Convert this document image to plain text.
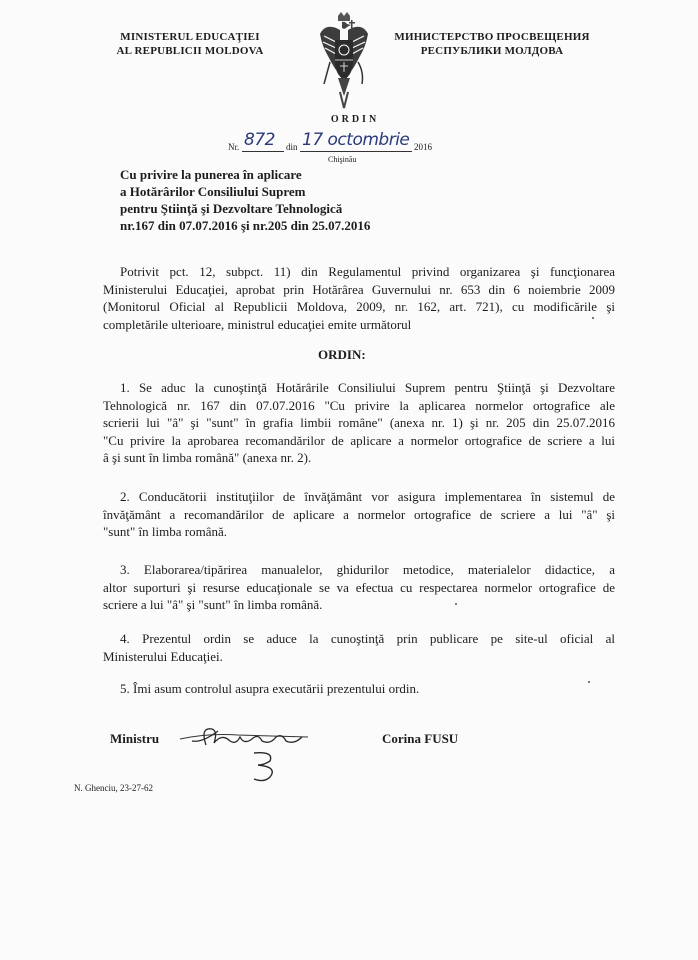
MINISTERUL EDUCAŢIEI
AL REPUBLICII MOLDOVA
МИНИСТЕРСТВО ПРОСВЕЩЕНИЯ
РЕСПУБЛИКИ МОЛДОВА
ORDIN
Nr. 872 din 17 octombrie 2016
Chişinău
Cu privire la punerea în aplicare
a Hotărârilor Consiliului Suprem
pentru Ştiinţă şi Dezvoltare Tehnologică
nr.167 din 07.07.2016 şi nr.205 din 25.07.2016
Potrivit pct. 12, subpct. 11) din Regulamentul privind organizarea şi funcţionarea
Ministerului Educaţiei, aprobat prin Hotărârea Guvernului nr. 653 din 6 noiembrie 2009
(Monitorul Oficial al Republicii Moldova, 2009, nr. 162, art. 721), cu modificările şi
completările ulterioare, ministrul educaţiei emite următorul
ORDIN:
1. Se aduc la cunoştinţă Hotărârile Consiliului Suprem pentru Ştiinţă şi Dezvoltare
Tehnologică nr. 167 din 07.07.2016 "Cu privire la aplicarea normelor ortografice ale
scrierii lui "â" şi "sunt" în grafia limbii române" (anexa nr. 1) şi nr. 205 din 25.07.2016
"Cu privire la aprobarea recomandărilor de aplicare a normelor ortografice de scriere a lui
â şi sunt în limba română" (anexa nr. 2).
2. Conducătorii instituţiilor de învăţământ vor asigura implementarea în sistemul de
învăţământ a recomandărilor de aplicare a normelor ortografice de scriere a lui "â" şi
"sunt" în limba română.
3. Elaborarea/tipărirea manualelor, ghidurilor metodice, materialelor didactice, a
altor suporturi şi resurse educaţionale se va efectua cu respectarea normelor ortografice de
scriere a lui "â" şi "sunt" în limba română.
4. Prezentul ordin se aduce la cunoştinţă prin publicare pe site-ul oficial al
Ministerului Educaţiei.
5. Îmi asum controlul asupra executării prezentului ordin.
Ministru	Corina FUSU
N. Ghenciu, 23-27-62
